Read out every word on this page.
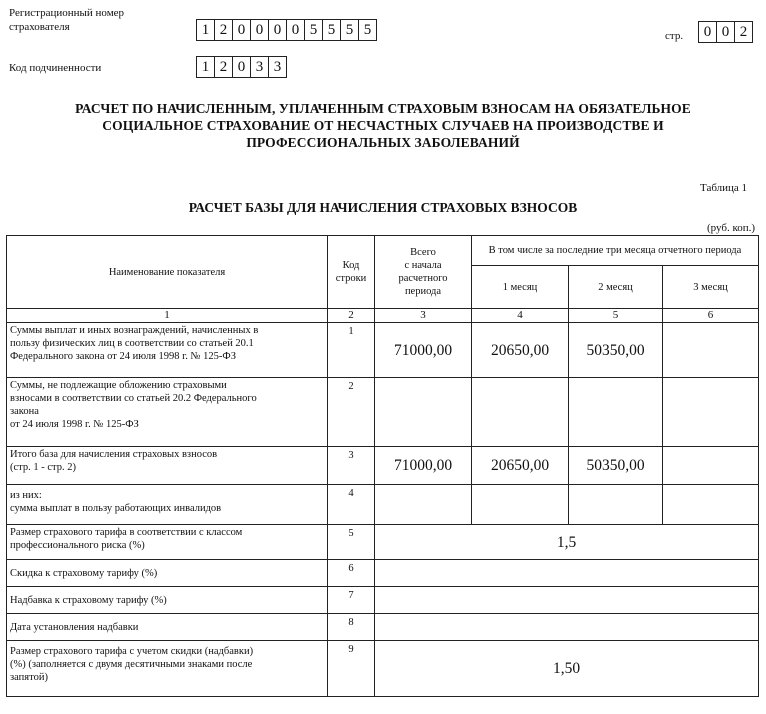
Регистрационный номер
страхователя	1 2 0 0 0 0 5 5 5 5	стр.	0 0 2
Код подчиненности	1 2 0 3 3
РАСЧЕТ ПО НАЧИСЛЕННЫМ, УПЛАЧЕННЫМ СТРАХОВЫМ ВЗНОСАМ НА ОБЯЗАТЕЛЬНОЕ
СОЦИАЛЬНОЕ СТРАХОВАНИЕ ОТ НЕСЧАСТНЫХ СЛУЧАЕВ НА ПРОИЗВОДСТВЕ И
ПРОФЕССИОНАЛЬНЫХ ЗАБОЛЕВАНИЙ
Таблица 1
РАСЧЕТ БАЗЫ ДЛЯ НАЧИСЛЕНИЯ СТРАХОВЫХ ВЗНОСОВ
(руб. коп.)
Наименование показателя	Код строки	Всего
с начала
расчетного
периода	В том числе за последние три месяца отчетного периода		
			1 месяц	2 месяц	3 месяц
1	2	3	4	5	6

Суммы выплат и иных вознаграждений, начисленных в
пользу физических лиц в соответствии со статьей 20.1
Федерального закона от 24 июля 1998 г. № 125-ФЗ	1	71000,00	20650,00	50350,00	

Суммы, не подлежащие обложению страховыми
взносами в соответствии со статьей 20.2 Федерального
закона
от 24 июля 1998 г. № 125-ФЗ	2				

Итого база для начисления страховых взносов
(стр. 1 - стр. 2)	3	71000,00	20650,00	50350,00	

из них:
сумма выплат в пользу работающих инвалидов	4				

Размер страхового тарифа в соответствии с классом
профессионального риска (%)	5	1,5			

Скидка к страховому тарифу (%)	6				

Надбавка к страховому тарифу (%)	7				

Дата установления надбавки	8				

Размер страхового тарифа с учетом скидки (надбавки)
(%) (заполняется с двумя десятичными знаками после
запятой)	9	1,50			
